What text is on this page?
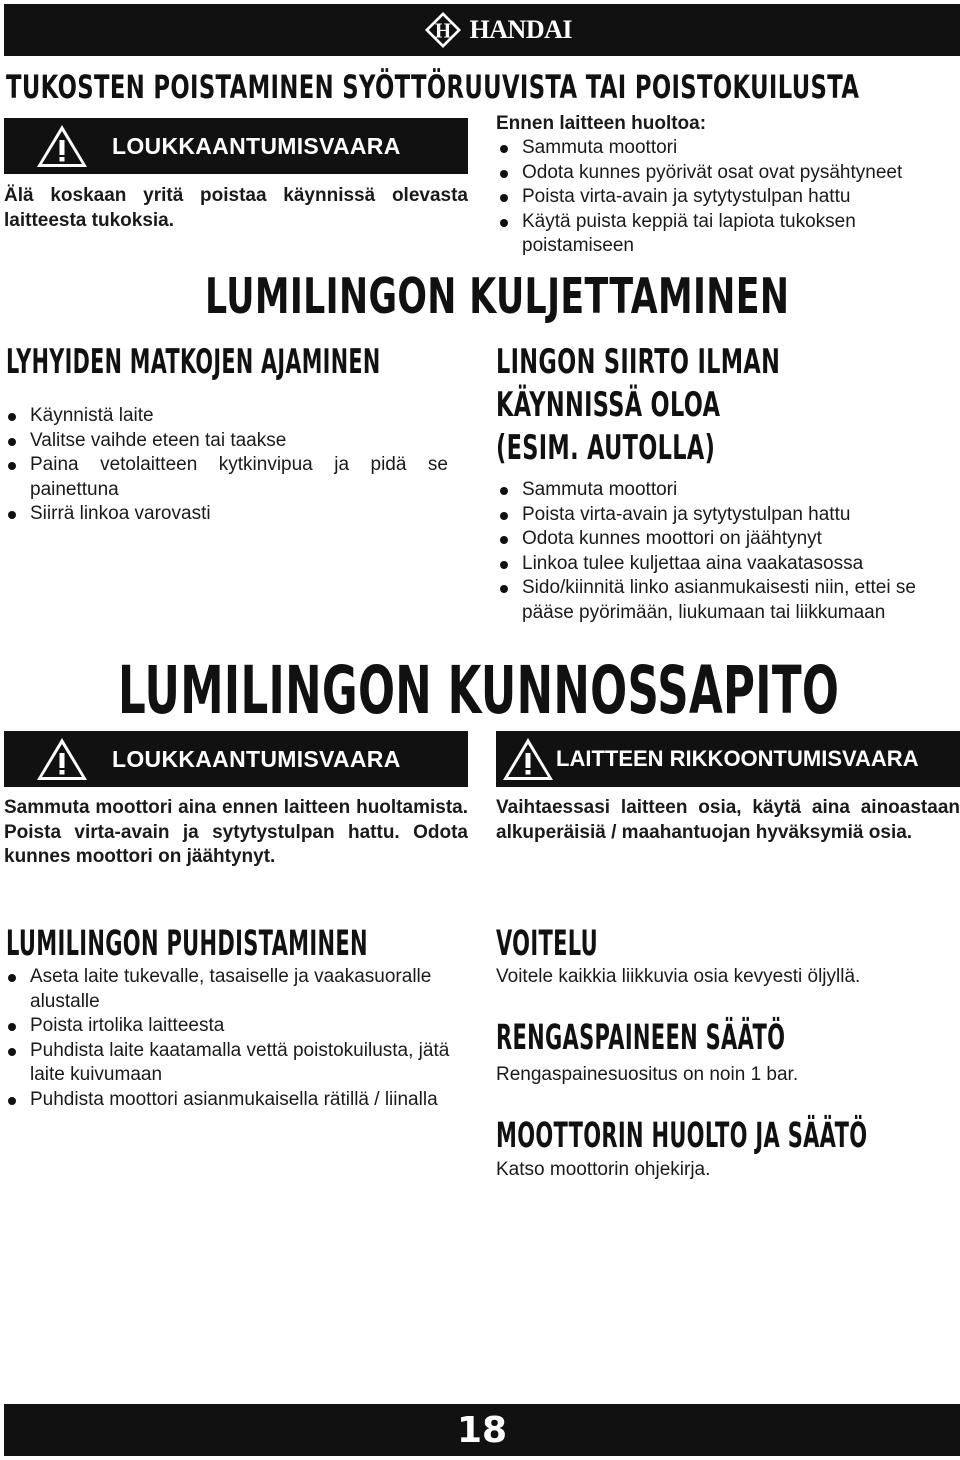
H HANDAI
TUKOSTEN POISTAMINEN SYÖTTÖRUUVISTA TAI POISTOKUILUSTA
LOUKKAANTUMISVAARA
Älä koskaan yritä poistaa käynnissä olevasta laitteesta tukoksia.
Ennen laitteen huoltoa:
Sammuta moottori
Odota kunnes pyörivät osat ovat pysähtyneet
Poista virta-avain ja sytytystulpan hattu
Käytä puista keppiä tai lapiota tukoksen poistamiseen
LUMILINGON KULJETTAMINEN
LYHYIDEN MATKOJEN AJAMINEN
Käynnistä laite
Valitse vaihde eteen tai taakse
Paina vetolaitteen kytkinvipua ja pidä se painettuna
Siirrä linkoa varovasti
LINGON SIIRTO ILMAN
KÄYNNISSÄ OLOA
(ESIM. AUTOLLA)
Sammuta moottori
Poista virta-avain ja sytytystulpan hattu
Odota kunnes moottori on jäähtynyt
Linkoa tulee kuljettaa aina vaakatasossa
Sido/kiinnitä linko asianmukaisesti niin, ettei se pääse pyörimään, liukumaan tai liikkumaan
LUMILINGON KUNNOSSAPITO
LOUKKAANTUMISVAARA
Sammuta moottori aina ennen laitteen huoltamista. Poista virta-avain ja sytytystulpan hattu. Odota kunnes moottori on jäähtynyt.
LAITTEEN RIKKOONTUMISVAARA
Vaihtaessasi laitteen osia, käytä aina ainoastaan alkuperäisiä / maahantuojan hyväksymiä osia.
LUMILINGON PUHDISTAMINEN
Aseta laite tukevalle, tasaiselle ja vaakasuoralle alustalle
Poista irtolika laitteesta
Puhdista laite kaatamalla vettä poistokuilusta, jätä laite kuivumaan
Puhdista moottori asianmukaisella rätillä / liinalla
VOITELU
Voitele kaikkia liikkuvia osia kevyesti öljyllä.
RENGASPAINEEN SÄÄTÖ
Rengaspainesuositus on noin 1 bar.
MOOTTORIN HUOLTO JA SÄÄTÖ
Katso moottorin ohjekirja.
18
